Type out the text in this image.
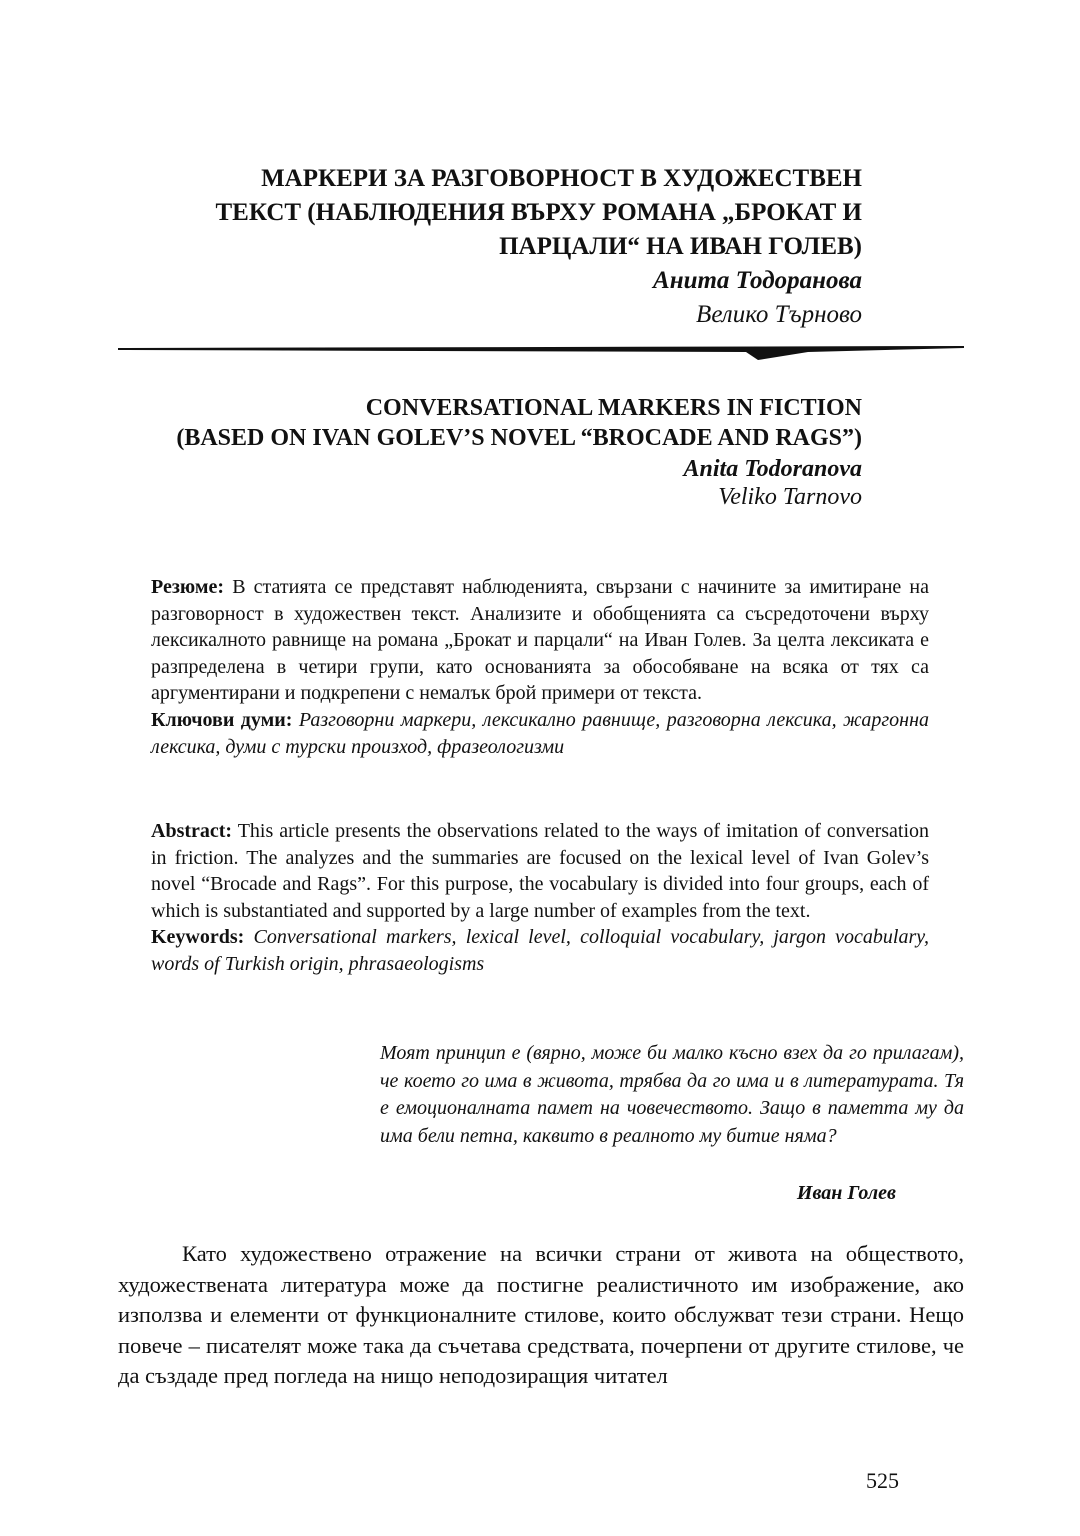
МАРКЕРИ ЗА РАЗГОВОРНОСТ В ХУДОЖЕСТВЕН
ТЕКСТ (НАБЛЮДЕНИЯ ВЪРХУ РОМАНА „БРОКАТ И
ПАРЦАЛИ“ НА ИВАН ГОЛЕВ)
Анита Тодоранова
Велико Търново
CONVERSATIONAL MARKERS IN FICTION
(BASED ON IVAN GOLEV’S NOVEL “BROCADE AND RAGS”)
Anita Todoranova
Veliko Tarnovo

Резюме: В статията се представят наблюденията, свързани с начините за имитиране на разговорност в художествен текст. Анализите и обобщенията са съсредоточени върху лексикалното равнище на романа „Брокат и парцали“ на Иван Голев. За целта лексиката е разпределена в четири групи, като основанията за обособяване на всяка от тях са аргументирани и подкрепени с немалък брой примери от текста.

Ключови думи: Разговорни маркери, лексикално равнище, разговорна лексика, жаргонна лексика, думи с турски произход, фразеологизми

Abstract: This article presents the observations related to the ways of imitation of conversation in friction. The analyzes and the summaries are focused on the lexical level of Ivan Golev’s novel “Brocade and Rags”. For this purpose, the vocabulary is divided into four groups, each of which is substantiated and supported by a large number of examples from the text.

Keywords: Conversational markers, lexical level, colloquial vocabulary, jargon vocabulary, words of Turkish origin, phrasaeologisms

Моят принцип е (вярно, може би малко късно взех да го прилагам), че което го има в живота, трябва да го има и в литературата. Тя е емоционалната памет на човечеството. Защо в паметта му да има бели петна, каквито в реалното му битие няма?
Иван Голев

Като художествено отражение на всички страни от живота на обществото, художествената литература може да постигне реалистичното им изображение, ако използва и елементи от функционалните стилове, които обслужват тези страни. Нещо повече – писателят може така да съчетава средствата, почерпени от другите стилове, че да създаде пред погледа на нищо неподозиращия читател

525
